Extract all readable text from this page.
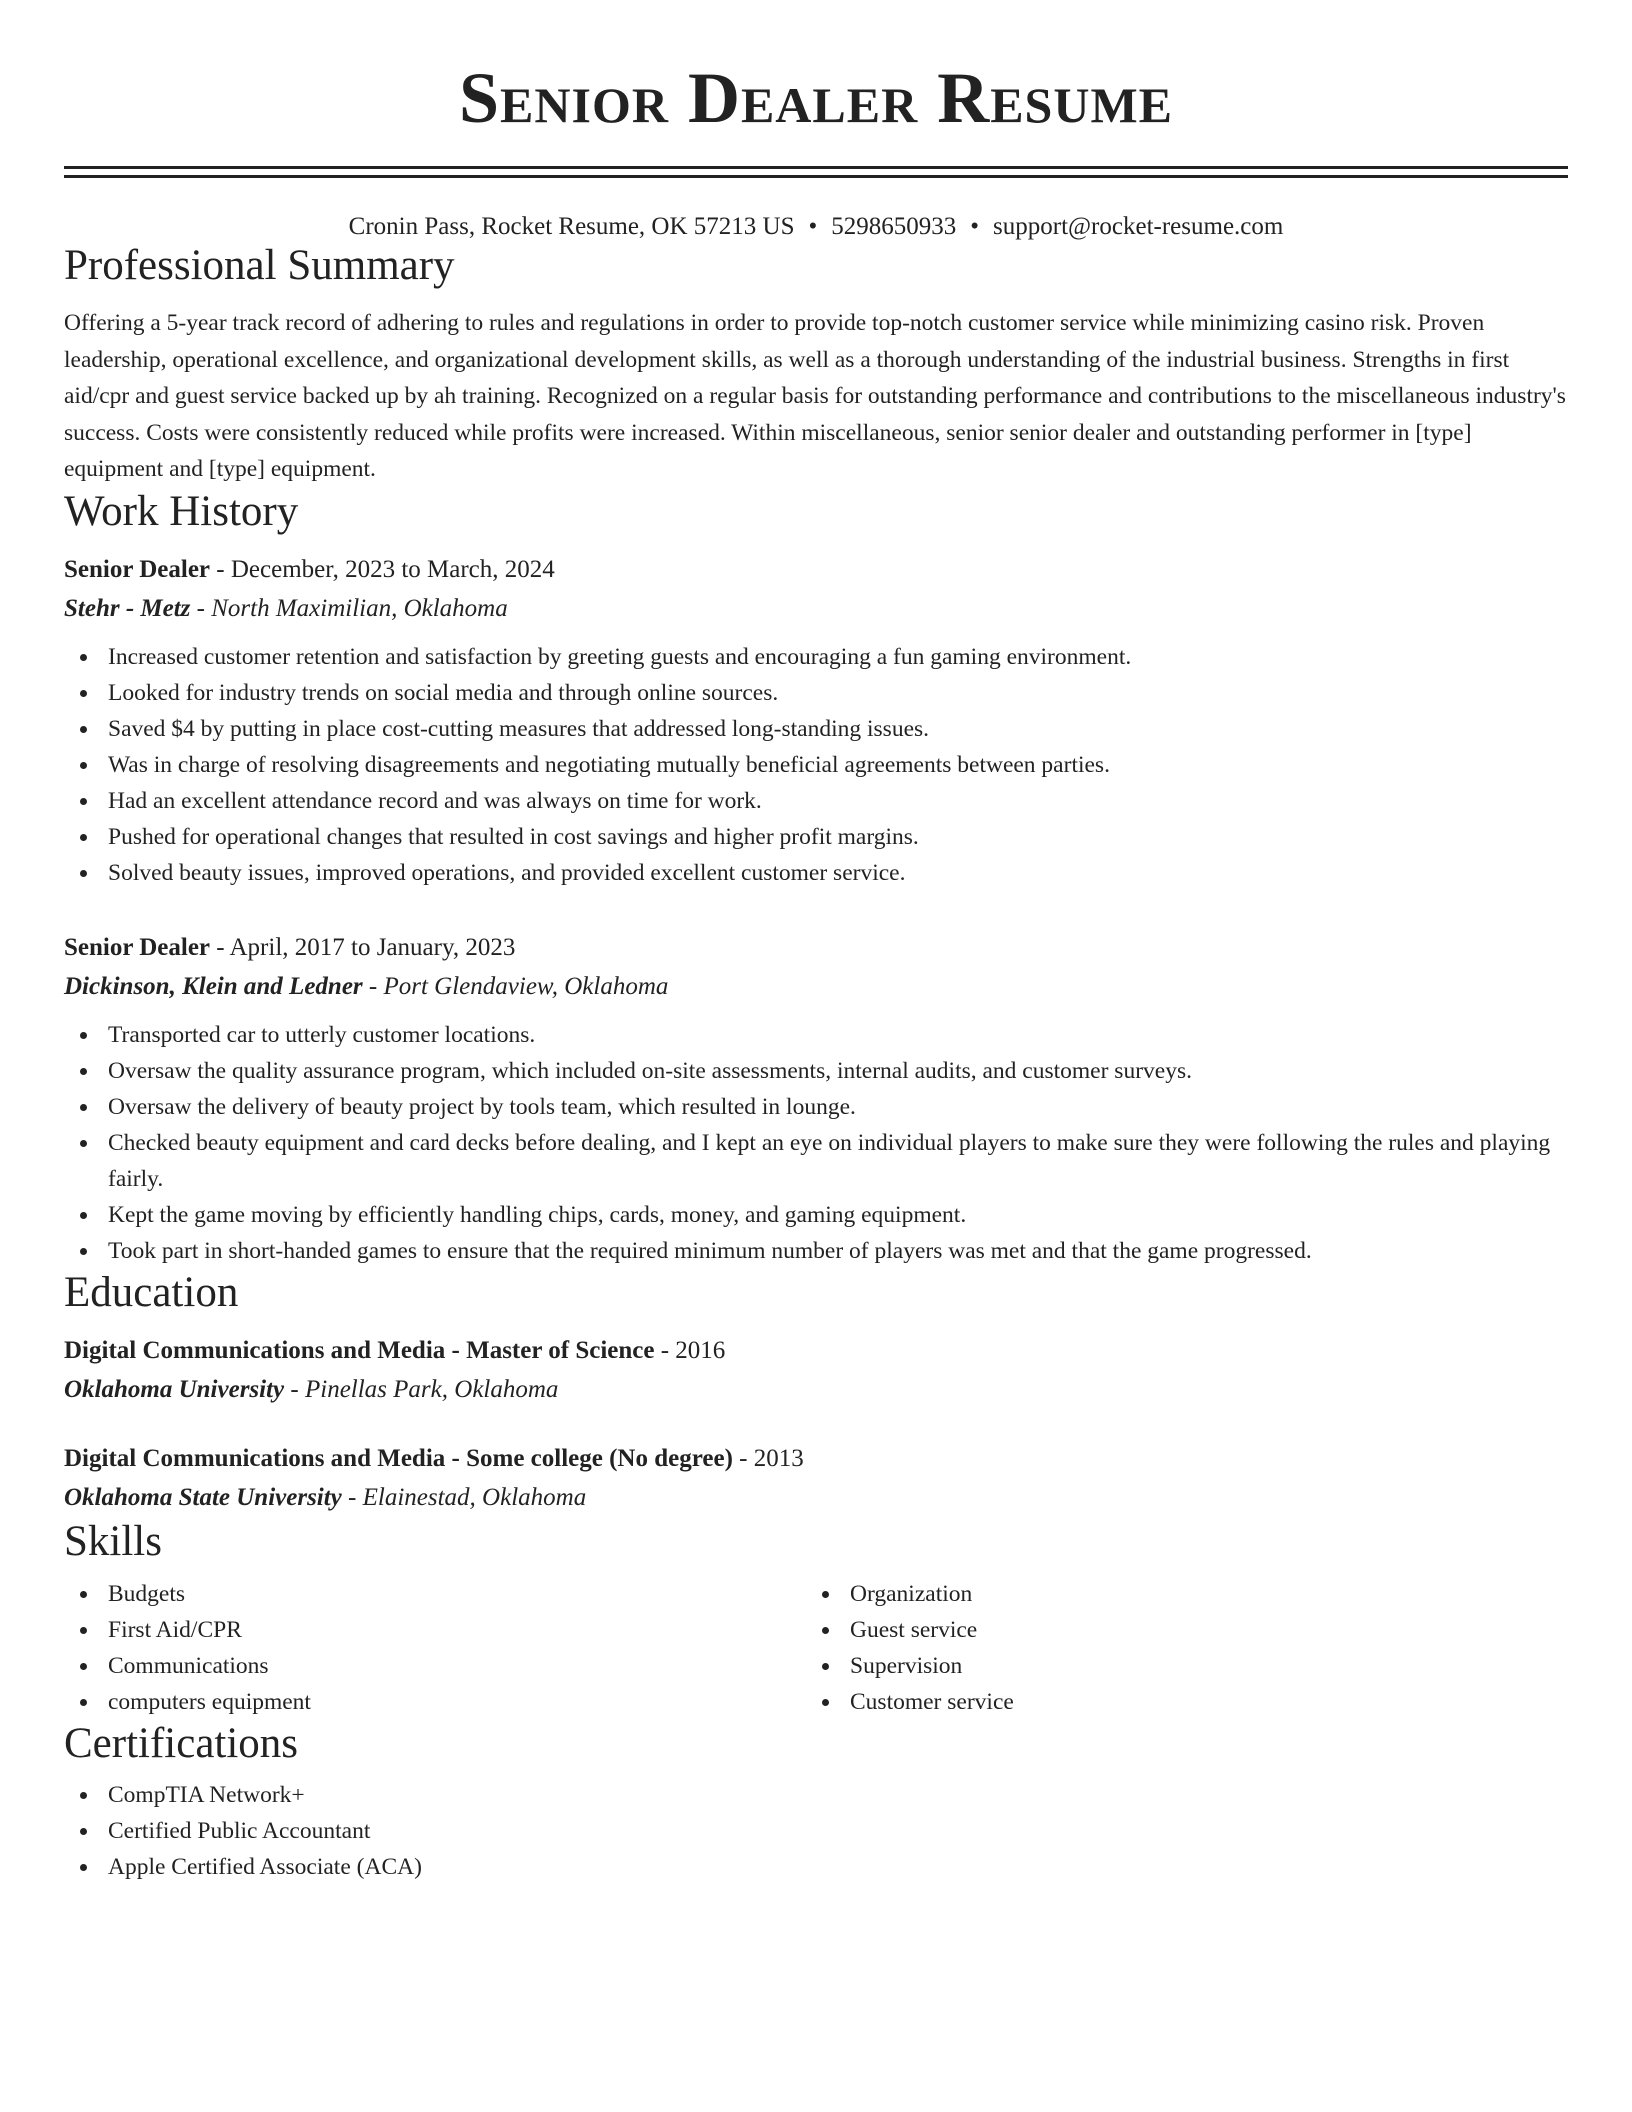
Senior Dealer Resume
Cronin Pass, Rocket Resume, OK 57213 US • 5298650933 • support@rocket-resume.com
Professional Summary

Offering a 5-year track record of adhering to rules and regulations in order to provide top-notch customer service while minimizing casino risk. Proven leadership, operational excellence, and organizational development skills, as well as a thorough understanding of the industrial business. Strengths in first aid/cpr and guest service backed up by ah training. Recognized on a regular basis for outstanding performance and contributions to the miscellaneous industry's success. Costs were consistently reduced while profits were increased. Within miscellaneous, senior senior dealer and outstanding performer in [type] equipment and [type] equipment.

Work History
Senior Dealer - December, 2023 to March, 2024
Stehr - Metz - North Maximilian, Oklahoma
Increased customer retention and satisfaction by greeting guests and encouraging a fun gaming environment.
Looked for industry trends on social media and through online sources.
Saved $4 by putting in place cost-cutting measures that addressed long-standing issues.
Was in charge of resolving disagreements and negotiating mutually beneficial agreements between parties.
Had an excellent attendance record and was always on time for work.
Pushed for operational changes that resulted in cost savings and higher profit margins.
Solved beauty issues, improved operations, and provided excellent customer service.
Senior Dealer - April, 2017 to January, 2023
Dickinson, Klein and Ledner - Port Glendaview, Oklahoma
Transported car to utterly customer locations.
Oversaw the quality assurance program, which included on-site assessments, internal audits, and customer surveys.
Oversaw the delivery of beauty project by tools team, which resulted in lounge.
Checked beauty equipment and card decks before dealing, and I kept an eye on individual players to make sure they were following the rules and playing fairly.
Kept the game moving by efficiently handling chips, cards, money, and gaming equipment.
Took part in short-handed games to ensure that the required minimum number of players was met and that the game progressed.
Education
Digital Communications and Media - Master of Science - 2016
Oklahoma University - Pinellas Park, Oklahoma
Digital Communications and Media - Some college (No degree) - 2013
Oklahoma State University - Elainestad, Oklahoma
Skills
Budgets
First Aid/CPR
Communications
computers equipment
Organization
Guest service
Supervision
Customer service
Certifications
CompTIA Network+
Certified Public Accountant
Apple Certified Associate (ACA)
